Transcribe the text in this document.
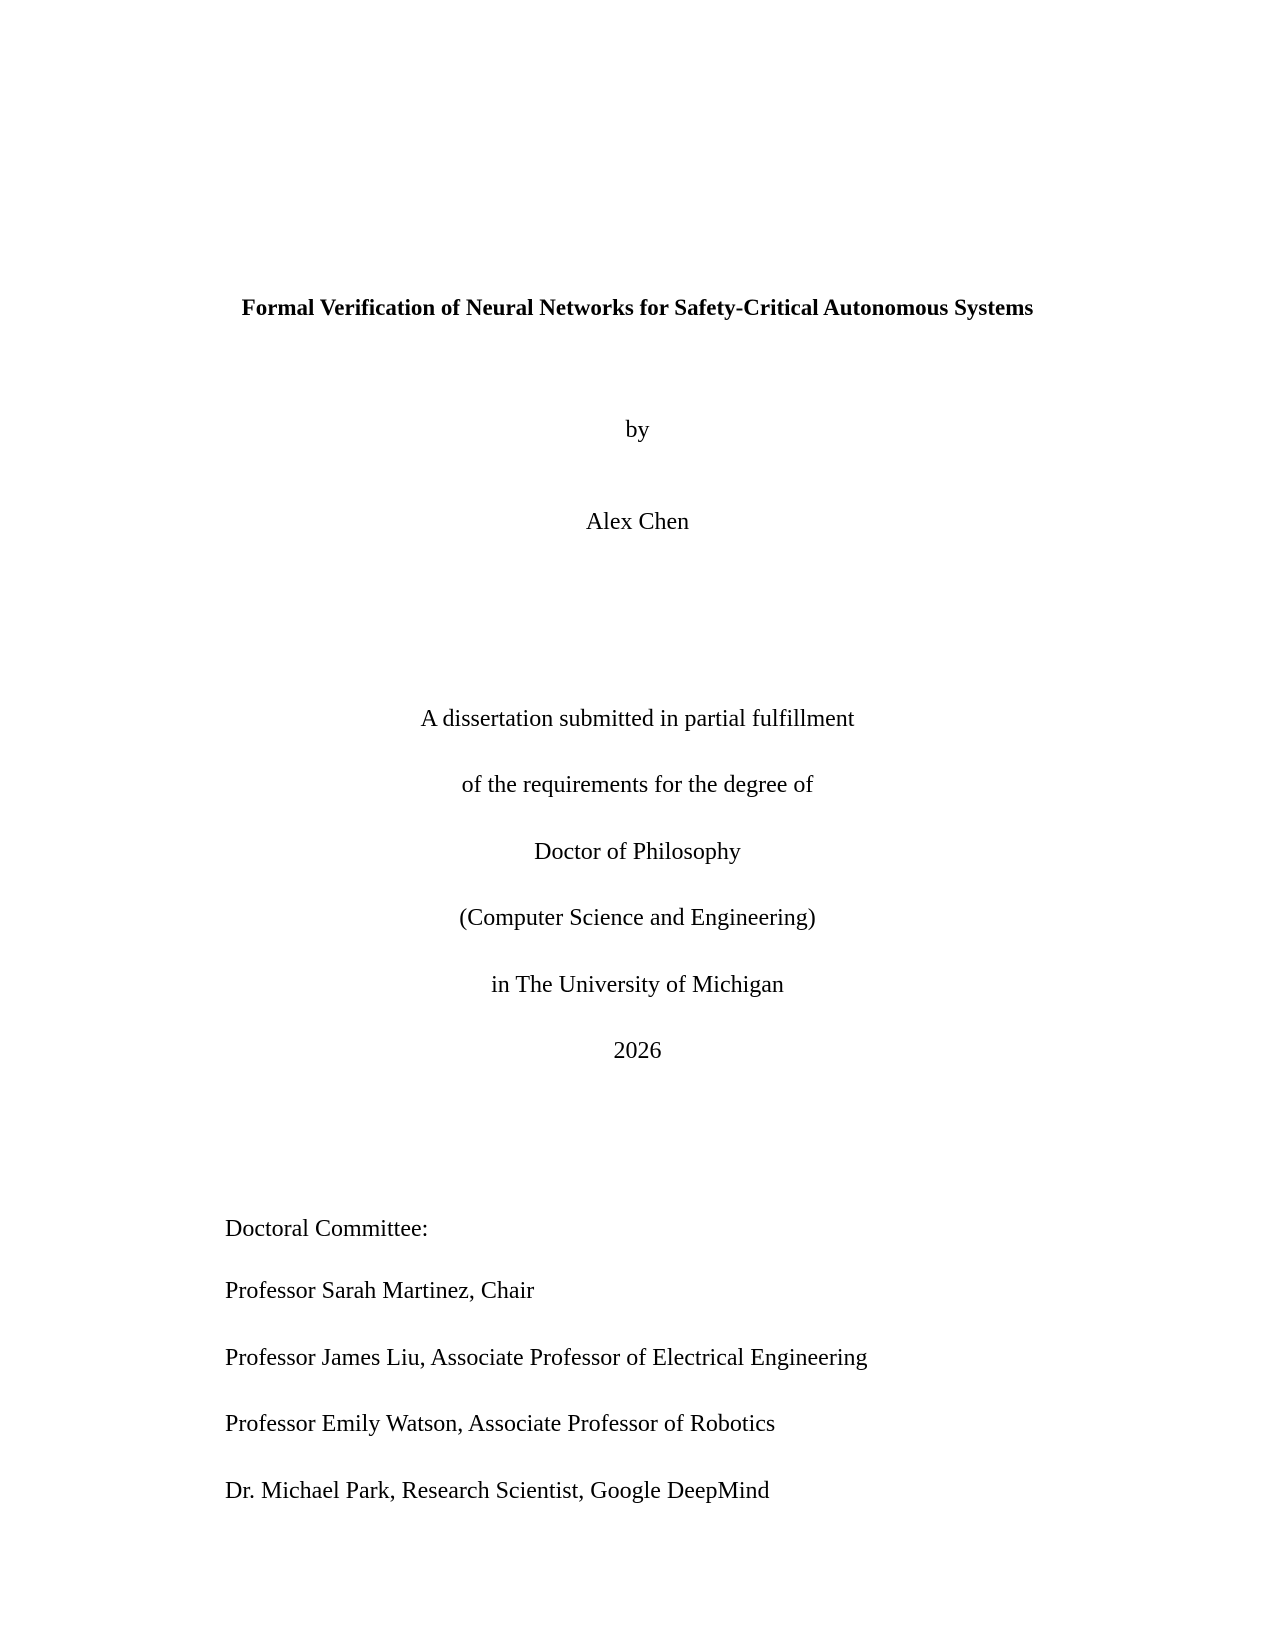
Formal Verification of Neural Networks for Safety-Critical Autonomous Systems
by
Alex Chen
A dissertation submitted in partial fulfillment
of the requirements for the degree of
Doctor of Philosophy
(Computer Science and Engineering)
in The University of Michigan
2026
Doctoral Committee:
Professor Sarah Martinez, Chair
Professor James Liu, Associate Professor of Electrical Engineering
Professor Emily Watson, Associate Professor of Robotics
Dr. Michael Park, Research Scientist, Google DeepMind
